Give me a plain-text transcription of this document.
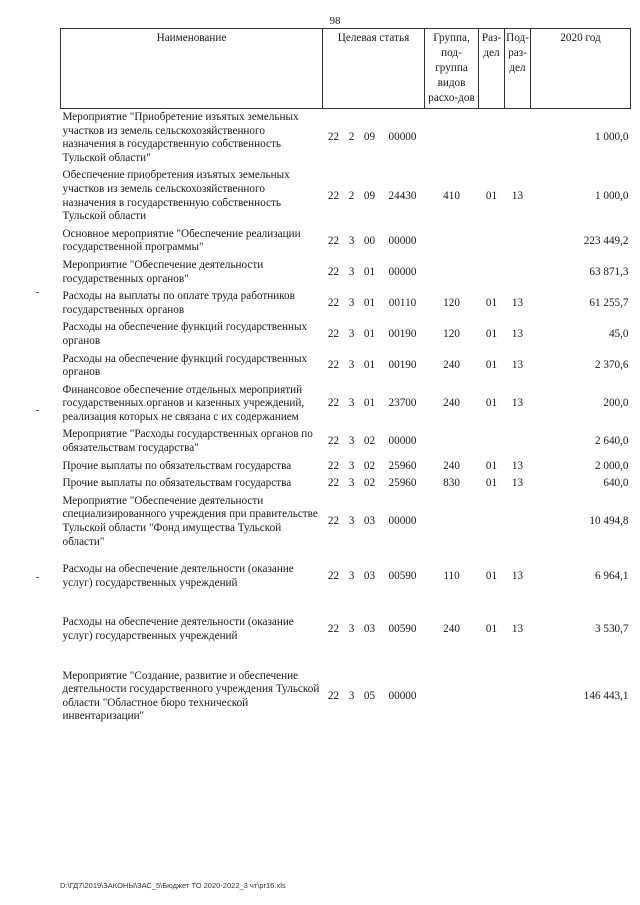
98
Наименование	Целевая статья				Группа, под-группа видов расхо-дов	Раз-дел	Под-раз-дел	2020 год
Мероприятие "Приобретение изъятых земельных участков из земель сельскохозяйственного назначения в государственную собственность Тульской области"	22	2	09	00000				1 000,0
Обеспечение приобретения изъятых земельных участков из земель сельскохозяйственного назначения в государственную собственность Тульской области	22	2	09	24430	410	01	13	1 000,0
Основное мероприятие "Обеспечение реализации государственной программы"	22	3	00	00000				223 449,2
Мероприятие "Обеспечение деятельности государственных органов"	22	3	01	00000				63 871,3
Расходы на выплаты по оплате труда работников государственных органов	22	3	01	00110	120	01	13	61 255,7
Расходы на обеспечение функций государственных органов	22	3	01	00190	120	01	13	45,0
Расходы на обеспечение функций государственных органов	22	3	01	00190	240	01	13	2 370,6
Финансовое обеспечение отдельных мероприятий государственных органов и казенных учреждений, реализация которых не связана с их содержанием	22	3	01	23700	240	01	13	200,0
Мероприятие "Расходы государственных органов по обязательствам государства"	22	3	02	00000				2 640,0
Прочие выплаты по обязательствам государства	22	3	02	25960	240	01	13	2 000,0
Прочие выплаты по обязательствам государства	22	3	02	25960	830	01	13	640,0
Мероприятие "Обеспечение деятельности специализированного учреждения при правительстве Тульской области "Фонд имущества Тульской области"	22	3	03	00000				10 494,8

Расходы на обеспечение деятельности (оказание услуг) государственных учреждений	22	3	03	00590	110	01	13	6 964,1

Расходы на обеспечение деятельности (оказание услуг) государственных учреждений	22	3	03	00590	240	01	13	3 530,7

Мероприятие "Создание, развитие и обеспечение деятельности государственного учреждения Тульской области "Областное бюро технической инвентаризации"	22	3	05	00000				146 443,1
D:\ГД7\2019\ЗАКОНЫ\ЗАС_5\Бюджет ТО 2020-2022_3 чт\pr16.xls
